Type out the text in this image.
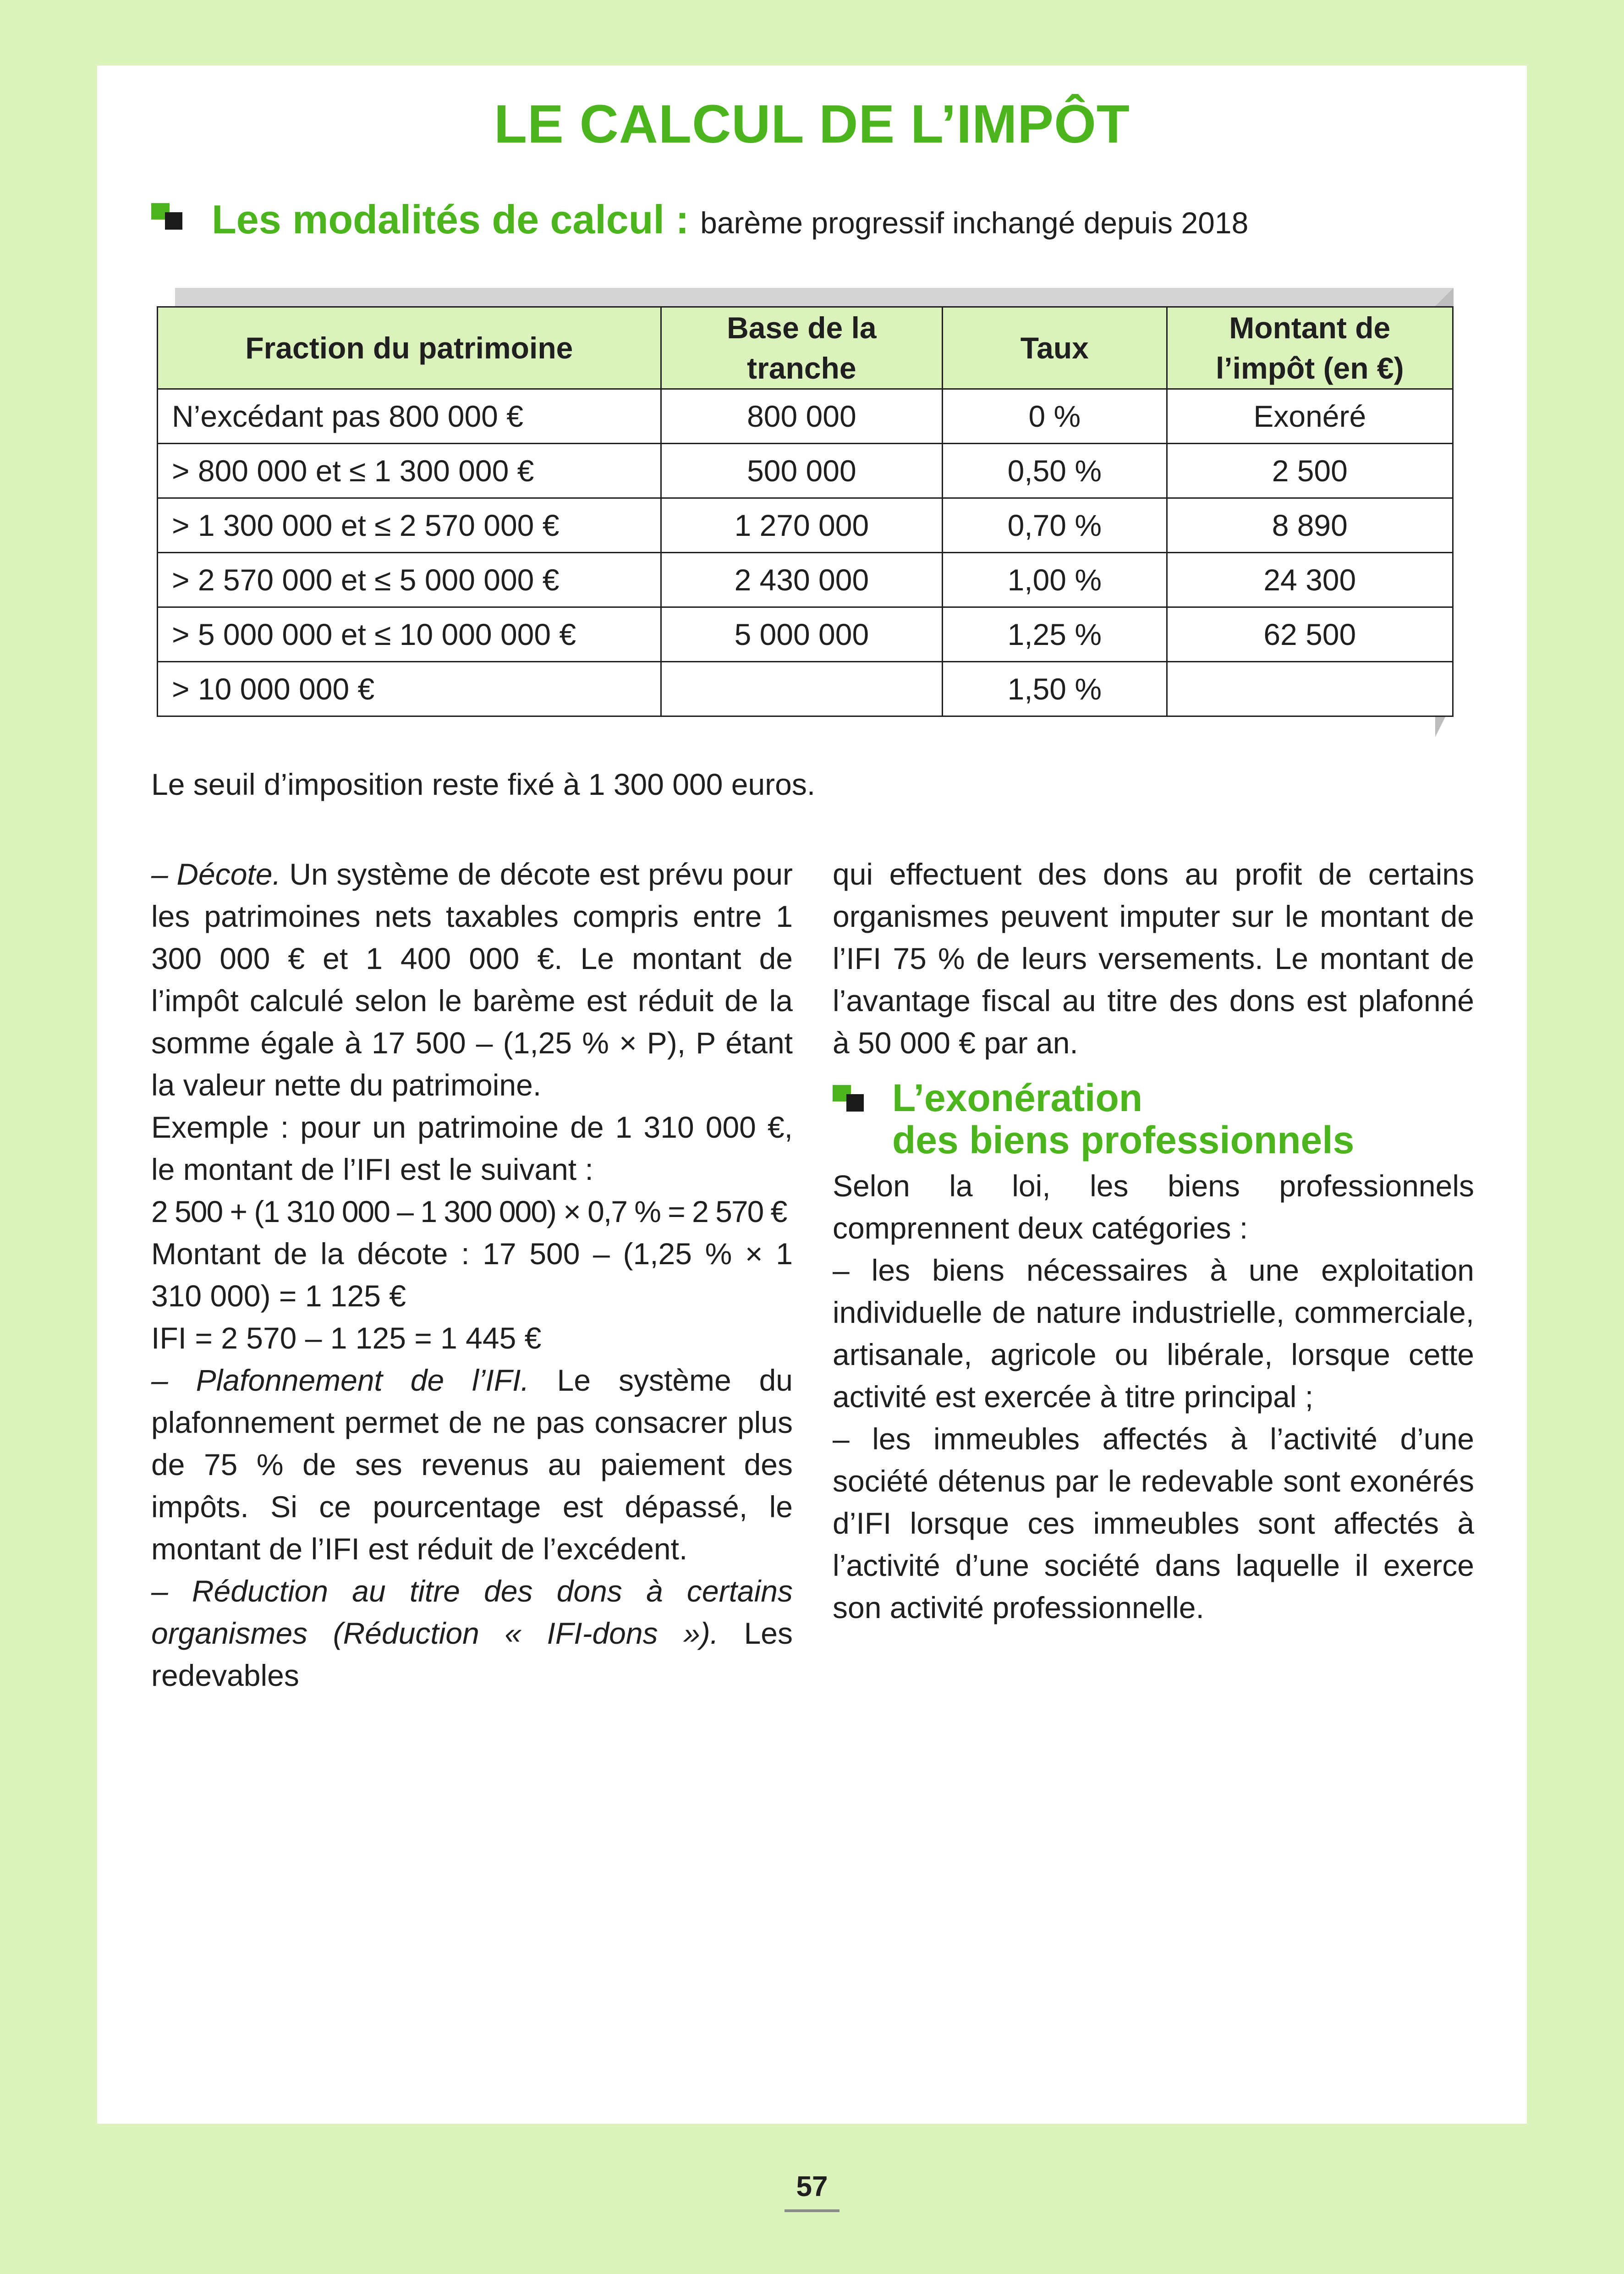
LE CALCUL DE L’IMPÔT
Les modalités de calcul : barème progressif inchangé depuis 2018
Fraction du patrimoine	Base de la tranche	Taux	Montant de l’impôt (en €)
N’excédant pas 800 000 €	800 000	0 %	Exonéré
> 800 000 et ≤ 1 300 000 €	500 000	0,50 %	2 500
> 1 300 000 et ≤ 2 570 000 €	1 270 000	0,70 %	8 890
> 2 570 000 et ≤ 5 000 000 €	2 430 000	1,00 %	24 300
> 5 000 000 et ≤ 10 000 000 €	5 000 000	1,25 %	62 500
> 10 000 000 €		1,50 %	

Le seuil d’imposition reste fixé à 1 300 000 euros.

– Décote. Un système de décote est prévu pour les patrimoines nets taxables compris entre 1 300 000 € et 1 400 000 €. Le montant de l’impôt calculé selon le barème est réduit de la somme égale à 17 500 – (1,25 % × P), P étant la valeur nette du patrimoine.

Exemple : pour un patrimoine de 1 310 000 €, le montant de l’IFI est le suivant :

2 500 + (1 310 000 – 1 300 000) × 0,7 % = 2 570 €

Montant de la décote : 17 500 – (1,25 % × 1 310 000) = 1 125 €

IFI = 2 570 – 1 125 = 1 445 €

– Plafonnement de l’IFI. Le système du plafonnement permet de ne pas consacrer plus de 75 % de ses revenus au paiement des impôts. Si ce pourcentage est dépassé, le montant de l’IFI est réduit de l’excédent.

– Réduction au titre des dons à certains organismes (Réduction « IFI-dons »). Les redevables

qui effectuent des dons au profit de certains organismes peuvent imputer sur le montant de l’IFI 75 % de leurs versements. Le montant de l’avantage fiscal au titre des dons est plafonné à 50 000 € par an.

L’exonération
des biens professionnels

Selon la loi, les biens professionnels comprennent deux catégories :

– les biens nécessaires à une exploitation individuelle de nature industrielle, commerciale, artisanale, agricole ou libérale, lorsque cette activité est exercée à titre principal ;

– les immeubles affectés à l’activité d’une société détenus par le redevable sont exonérés d’IFI lorsque ces immeubles sont affectés à l’activité d’une société dans laquelle il exerce son activité professionnelle.

57
